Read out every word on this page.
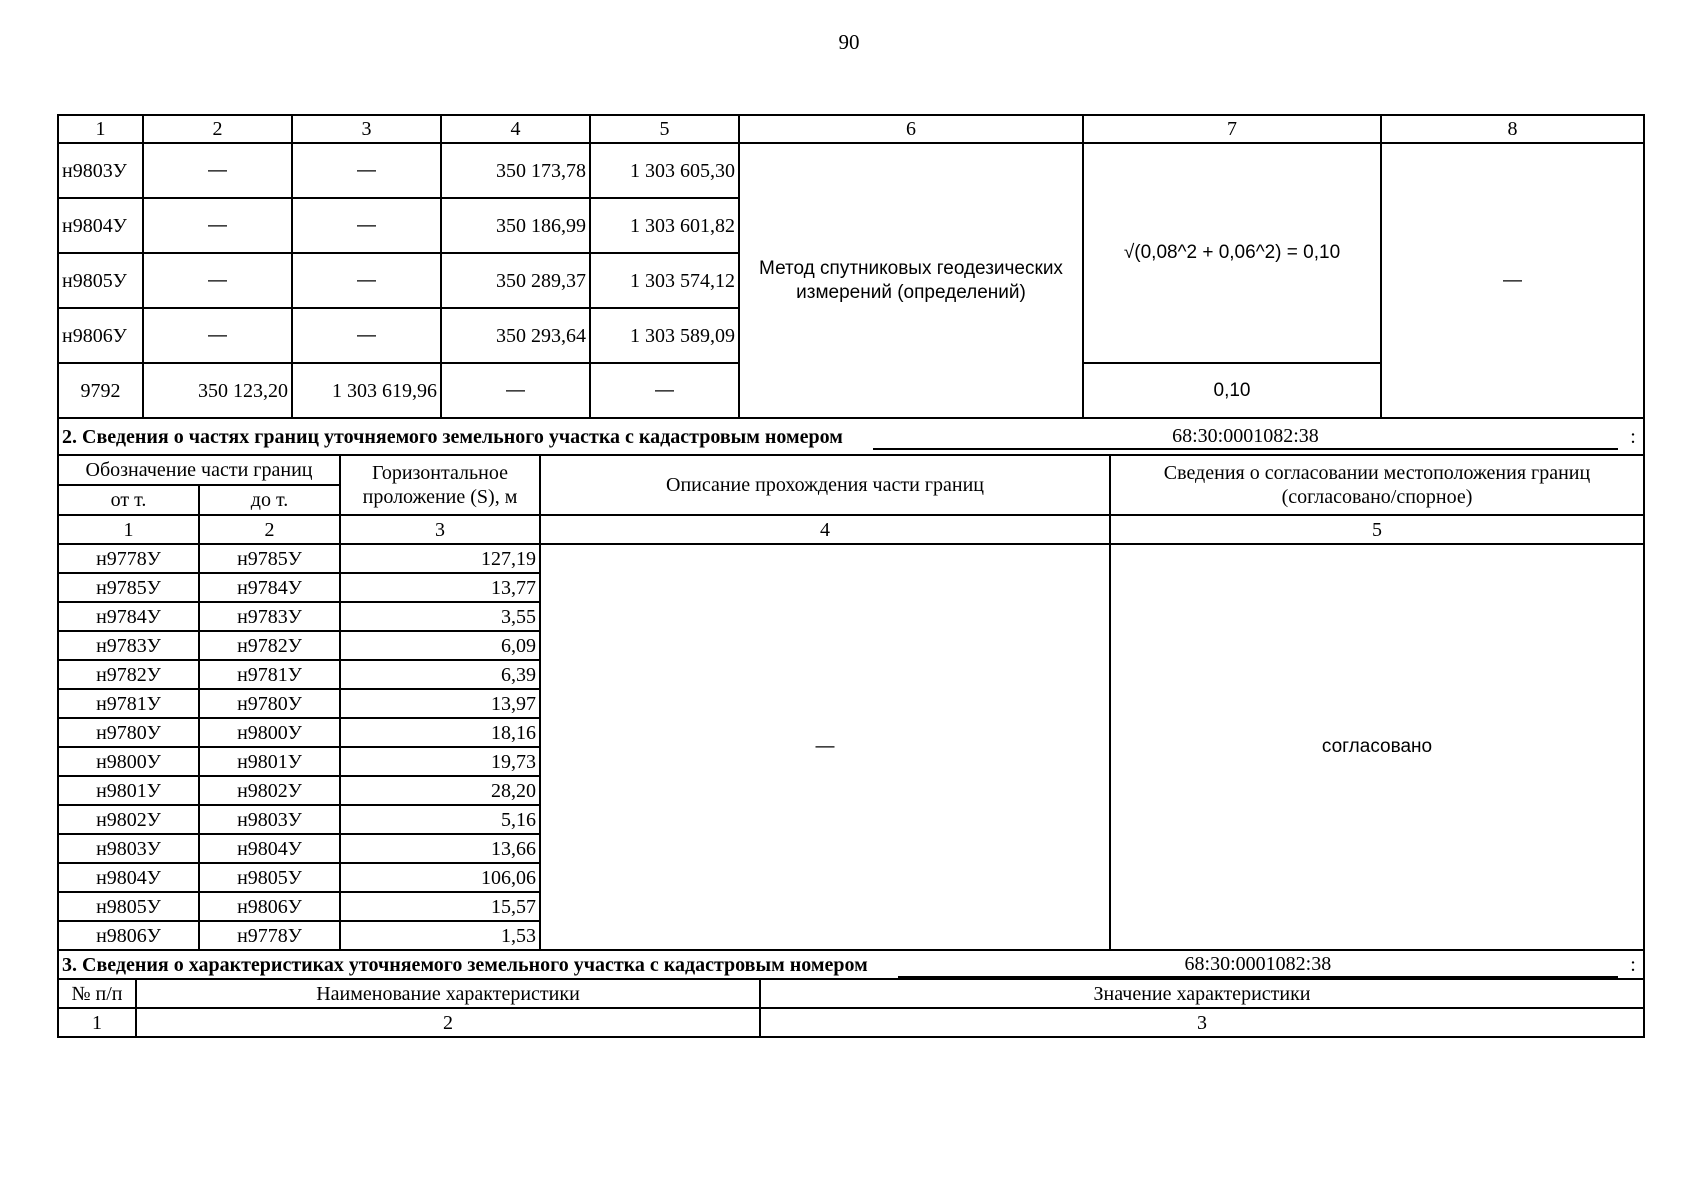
90
1	2	3	4	5	6	7	8
н9803У	—	—	350 173,78	1 303 605,30	Метод спутниковых геодезических измерений (определений)	√(0,08^2 + 0,06^2) = 0,10	—
н9804У	—	—	350 186,99	1 303 601,82			
н9805У	—	—	350 289,37	1 303 574,12			
н9806У	—	—	350 293,64	1 303 589,09			
9792	350 123,20	1 303 619,96	—	—		0,10	

2. Сведения о частях границ уточняемого земельного участка с кадастровым номером 68:30:0001082:38 :							
Обозначение части границ		Горизонтальное проложение (S), м	Описание прохождения части границ	Сведения о согласовании местоположения границ (согласовано/спорное)
от т.	до т.			
1	2	3	4	5
н9778У	н9785У	127,19	—	согласовано
н9785У	н9784У	13,77		
н9784У	н9783У	3,55		
н9783У	н9782У	6,09		
н9782У	н9781У	6,39		
н9781У	н9780У	13,97		
н9780У	н9800У	18,16		
н9800У	н9801У	19,73		
н9801У	н9802У	28,20		
н9802У	н9803У	5,16		
н9803У	н9804У	13,66		
н9804У	н9805У	106,06		
н9805У	н9806У	15,57		
н9806У	н9778У	1,53		

3. Сведения о характеристиках уточняемого земельного участка с кадастровым номером 68:30:0001082:38 :				
№ п/п	Наименование характеристики	Значение характеристики
1	2	3
